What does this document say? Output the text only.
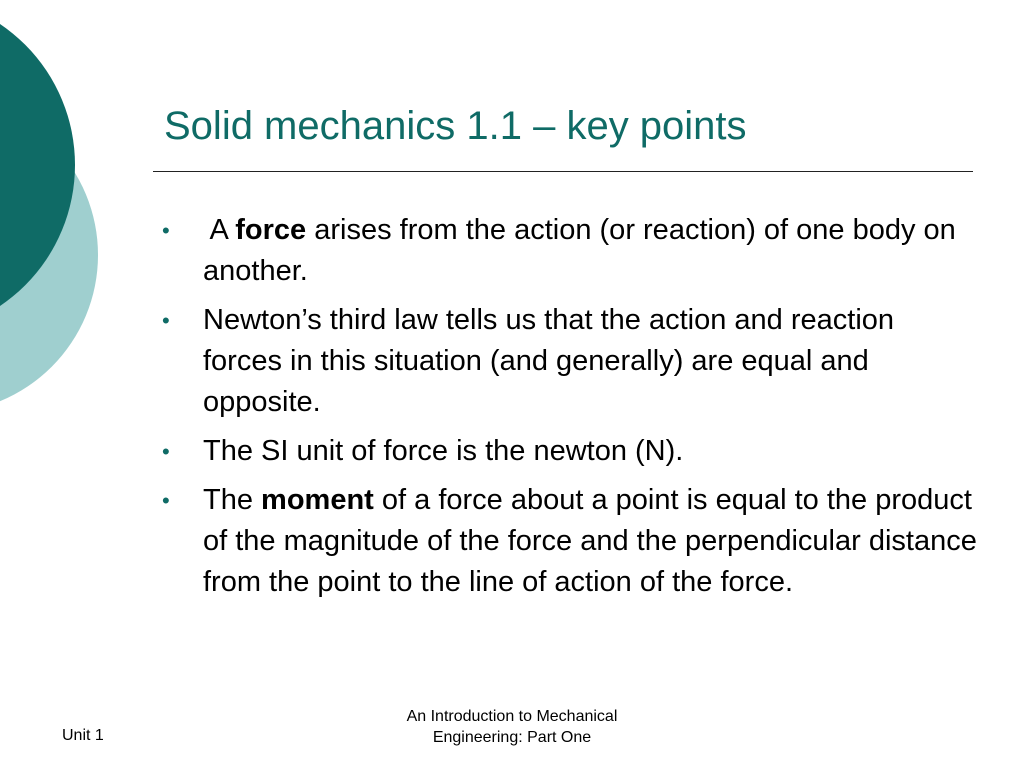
Solid mechanics 1.1 – key points
• A force arises from the action (or reaction) of one body on another.
• Newton’s third law tells us that the action and reaction forces in this situation (and generally) are equal and opposite.
• The SI unit of force is the newton (N).
• The moment of a force about a point is equal to the product of the magnitude of the force and the perpendicular distance from the point to the line of action of the force.
Unit 1
An Introduction to Mechanical
Engineering: Part One
